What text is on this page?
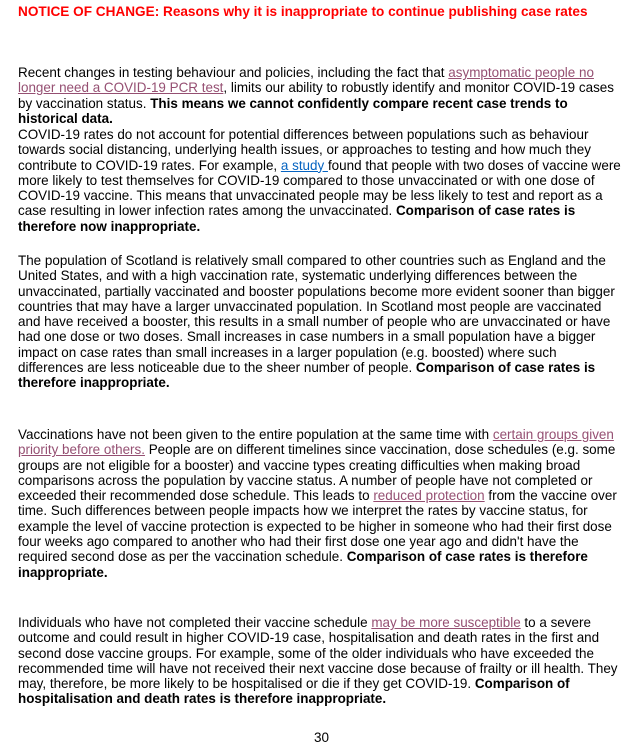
NOTICE OF CHANGE: Reasons why it is inappropriate to continue publishing case rates
Recent changes in testing behaviour and policies, including the fact that asymptomatic people no longer need a COVID-19 PCR test, limits our ability to robustly identify and monitor COVID-19 cases by vaccination status. This means we cannot confidently compare recent case trends to historical data.
COVID-19 rates do not account for potential differences between populations such as behaviour towards social distancing, underlying health issues, or approaches to testing and how much they contribute to COVID-19 rates. For example, a study found that people with two doses of vaccine were more likely to test themselves for COVID-19 compared to those unvaccinated or with one dose of COVID-19 vaccine. This means that unvaccinated people may be less likely to test and report as a case resulting in lower infection rates among the unvaccinated. Comparison of case rates is therefore now inappropriate.
The population of Scotland is relatively small compared to other countries such as England and the United States, and with a high vaccination rate, systematic underlying differences between the unvaccinated, partially vaccinated and booster populations become more evident sooner than bigger countries that may have a larger unvaccinated population. In Scotland most people are vaccinated and have received a booster, this results in a small number of people who are unvaccinated or have had one dose or two doses. Small increases in case numbers in a small population have a bigger impact on case rates than small increases in a larger population (e.g. boosted) where such differences are less noticeable due to the sheer number of people. Comparison of case rates is therefore inappropriate.
Vaccinations have not been given to the entire population at the same time with certain groups given priority before others. People are on different timelines since vaccination, dose schedules (e.g. some groups are not eligible for a booster) and vaccine types creating difficulties when making broad comparisons across the population by vaccine status. A number of people have not completed or exceeded their recommended dose schedule. This leads to reduced protection from the vaccine over time. Such differences between people impacts how we interpret the rates by vaccine status, for example the level of vaccine protection is expected to be higher in someone who had their first dose four weeks ago compared to another who had their first dose one year ago and didn't have the required second dose as per the vaccination schedule. Comparison of case rates is therefore inappropriate.
Individuals who have not completed their vaccine schedule may be more susceptible to a severe outcome and could result in higher COVID-19 case, hospitalisation and death rates in the first and second dose vaccine groups. For example, some of the older individuals who have exceeded the recommended time will have not received their next vaccine dose because of frailty or ill health. They may, therefore, be more likely to be hospitalised or die if they get COVID-19. Comparison of hospitalisation and death rates is therefore inappropriate.
30
